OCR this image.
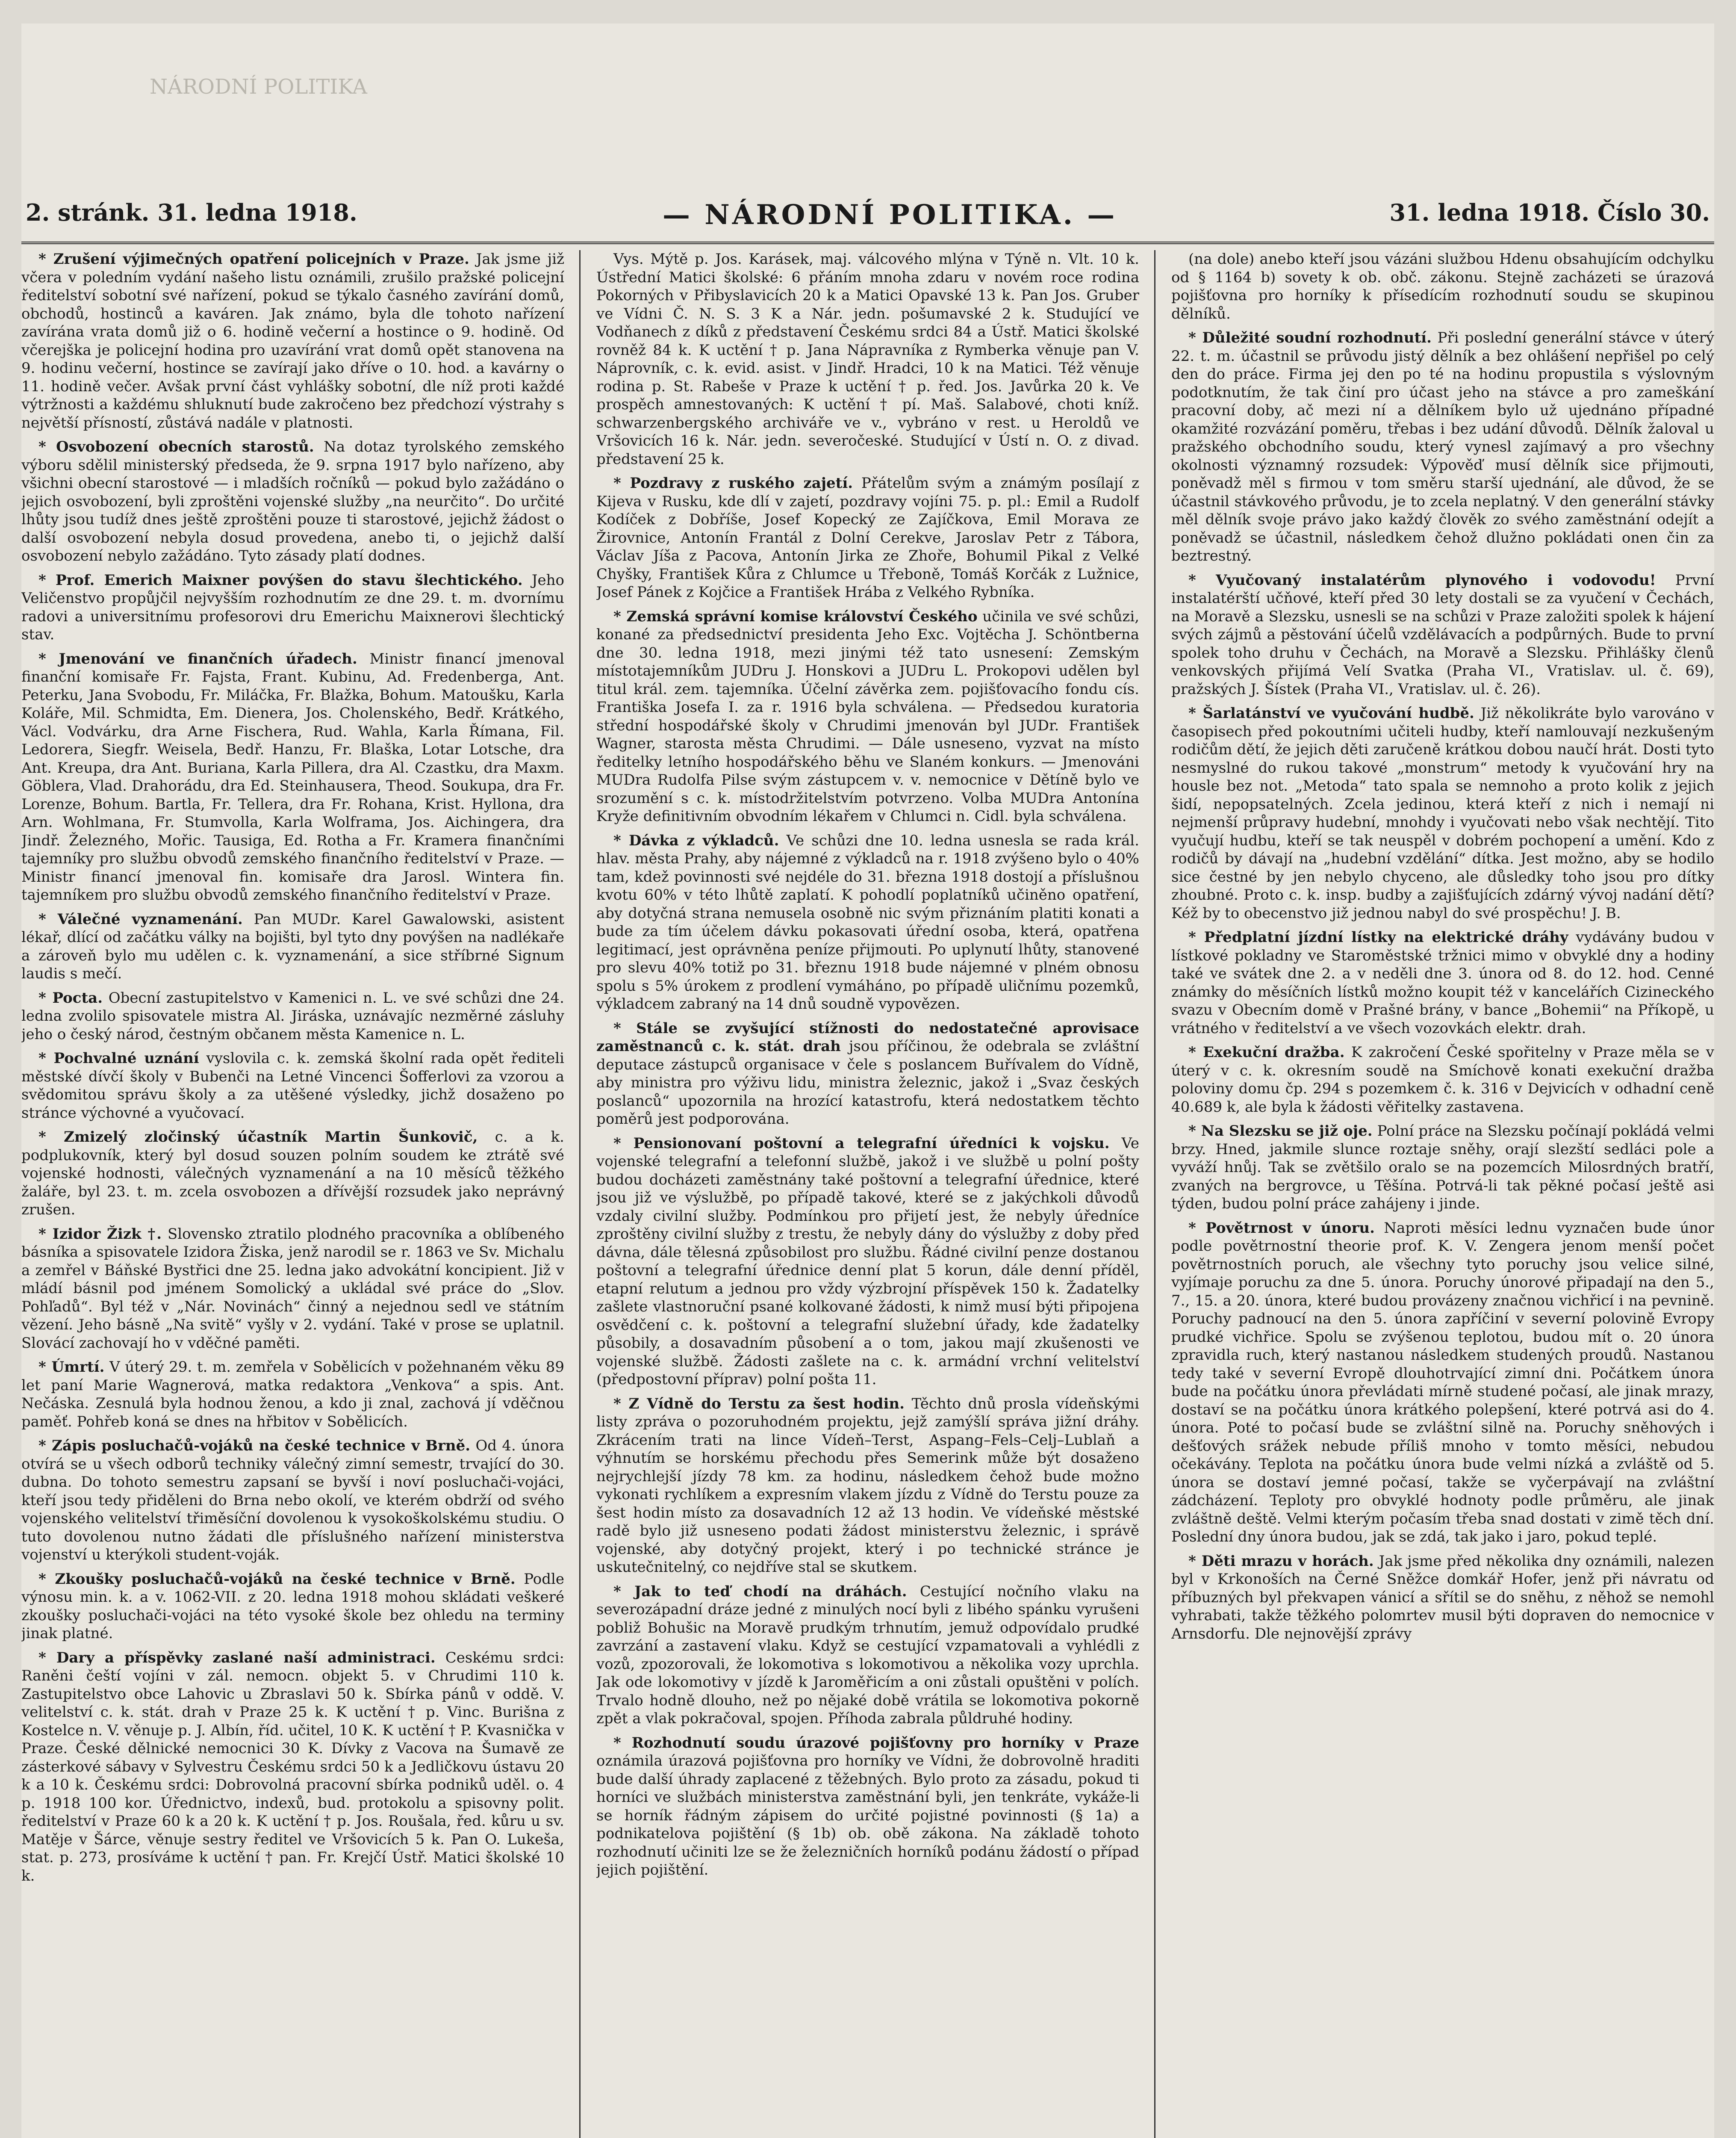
NÁRODNÍ POLITIKA
2. stránk. 31. ledna 1918.	— NÁRODNÍ POLITIKA. —	31. ledna 1918. Číslo 30.

* Zrušení výjimečných opatření policejních v Praze. Jak jsme již včera v poledním vydání našeho listu oznámili, zrušilo pražské policejní ředitelství sobotní své nařízení, pokud se týkalo časného zavírání domů, obchodů, hostinců a kaváren. Jak známo, byla dle tohoto nařízení zavírána vrata domů již o 6. hodině večerní a hostince o 9. hodině. Od včerejška je policejní hodina pro uzavírání vrat domů opět stanovena na 9. hodinu večerní, hostince se zavírají jako dříve o 10. hod. a kavárny o 11. hodině večer. Avšak první část vyhlášky sobotní, dle níž proti každé výtržnosti a každému shluknutí bude zakročeno bez předchozí výstrahy s největší přísností, zůstává nadále v platnosti.

* Osvobození obecních starostů. Na dotaz tyrolského zemského výboru sdělil ministerský předseda, že 9. srpna 1917 bylo nařízeno, aby všichni obecní starostové — i mladších ročníků — pokud bylo zažádáno o jejich osvobození, byli zproštěni vojenské služby „na neurčito“. Do určité lhůty jsou tudíž dnes ještě zproštěni pouze ti starostové, jejichž žádost o další osvobození nebyla dosud provedena, anebo ti, o jejichž další osvobození nebylo zažádáno. Tyto zásady platí dodnes.

* Prof. Emerich Maixner povýšen do stavu šlechtického. Jeho Veličenstvo propůjčil nejvyšším rozhodnutím ze dne 29. t. m. dvornímu radovi a universitnímu profesorovi dru Emerichu Maixnerovi šlechtický stav.

* Jmenování ve finančních úřadech. Ministr financí jmenoval finanční komisaře Fr. Fajsta, Frant. Kubinu, Ad. Fredenberga, Ant. Peterku, Jana Svobodu, Fr. Miláčka, Fr. Blažka, Bohum. Matoušku, Karla Koláře, Mil. Schmidta, Em. Dienera, Jos. Cholenského, Bedř. Krátkého, Václ. Vodvárku, dra Arne Fischera, Rud. Wahla, Karla Římana, Fil. Ledorera, Siegfr. Weisela, Bedř. Hanzu, Fr. Blaška, Lotar Lotsche, dra Ant. Kreupa, dra Ant. Buriana, Karla Pillera, dra Al. Czastku, dra Maxm. Göblera, Vlad. Drahorádu, dra Ed. Steinhausera, Theod. Soukupa, dra Fr. Lorenze, Bohum. Bartla, Fr. Tellera, dra Fr. Rohana, Krist. Hyllona, dra Arn. Wohlmana, Fr. Stumvolla, Karla Wolframa, Jos. Aichingera, dra Jindř. Železného, Mořic. Tausiga, Ed. Rotha a Fr. Kramera finančními tajemníky pro službu obvodů zemského finančního ředitelství v Praze. — Ministr financí jmenoval fin. komisaře dra Jarosl. Wintera fin. tajemníkem pro službu obvodů zemského finančního ředitelství v Praze.

* Válečné vyznamenání. Pan MUDr. Karel Gawalowski, asistent lékař, dlící od začátku války na bojišti, byl tyto dny povýšen na nadlékaře a zároveň bylo mu udělen c. k. vyznamenání, a sice stříbrné Signum laudis s mečí.

* Pocta. Obecní zastupitelstvo v Kamenici n. L. ve své schůzi dne 24. ledna zvolilo spisovatele mistra Al. Jiráska, uznávajíc nezměrné zásluhy jeho o český národ, čestným občanem města Kamenice n. L.

* Pochvalné uznání vyslovila c. k. zemská školní rada opět řediteli městské dívčí školy v Bubenči na Letné Vincenci Šofferlovi za vzorou a svědomitou správu školy a za utěšené výsledky, jichž dosaženo po stránce výchovné a vyučovací.

* Zmizelý zločinský účastník Martin Šunkovič, c. a k. podplukovník, který byl dosud souzen polním soudem ke ztrátě své vojenské hodnosti, válečných vyznamenání a na 10 měsíců těžkého žaláře, byl 23. t. m. zcela osvobozen a dřívější rozsudek jako neprávný zrušen.

* Izidor Žizk †. Slovensko ztratilo plodného pracovníka a oblíbeného básníka a spisovatele Izidora Žiska, jenž narodil se r. 1863 ve Sv. Michalu a zemřel v Báňské Bystřici dne 25. ledna jako advokátní koncipient. Již v mládí básnil pod jménem Somolický a ukládal své práce do „Slov. Pohľadů“. Byl též v „Nár. Novinách“ činný a nejednou sedl ve státním vězení. Jeho básně „Na svitě“ vyšly v 2. vydání. Také v prose se uplatnil. Slovácí zachovají ho v vděčné paměti.

* Úmrtí. V úterý 29. t. m. zemřela v Sobělicích v požehnaném věku 89 let paní Marie Wagnerová, matka redaktora „Venkova“ a spis. Ant. Nečáska. Zesnulá byla hodnou ženou, a kdo ji znal, zachová jí vděčnou paměť. Pohřeb koná se dnes na hřbitov v Sobělicích.

* Zápis posluchačů-vojáků na české technice v Brně. Od 4. února otvírá se u všech odborů techniky válečný zimní semestr, trvající do 30. dubna. Do tohoto semestru zapsaní se byvší i noví posluchači-vojáci, kteří jsou tedy přiděleni do Brna nebo okolí, ve kterém obdrží od svého vojenského velitelství třiměsíční dovolenou k vysokoškolskému studiu. O tuto dovolenou nutno žádati dle příslušného nařízení ministerstva vojenství u kterýkoli student-voják.

* Zkoušky posluchačů-vojáků na české technice v Brně. Podle výnosu min. k. a v. 1062-VII. z 20. ledna 1918 mohou skládati veškeré zkoušky posluchači-vojáci na této vysoké škole bez ohledu na terminy jinak platné.

* Dary a příspěvky zaslané naší administraci. Ceskému srdci: Raněni čeští vojíni v zál. nemocn. objekt 5. v Chrudimi 110 k. Zastupitelstvo obce Lahovic u Zbraslavi 50 k. Sbírka pánů v oddě. V. velitelství c. k. stát. drah v Praze 25 k. K uctění † p. Vinc. Burišna z Kostelce n. V. věnuje p. J. Albín, říd. učitel, 10 K. K uctění † P. Kvasnička v Praze. České dělnické nemocnici 30 K. Dívky z Vacova na Šumavě ze zásterkové sábavy v Sylvestru Českému srdci 50 k a Jedličkovu ústavu 20 k a 10 k. Českému srdci: Dobrovolná pracovní sbírka podniků uděl. o. 4 p. 1918 100 kor. Úřednictvo, indexů, bud. protokolu a spisovny polit. ředitelství v Praze 60 k a 20 k. K uctění † p. Jos. Roušala, řed. kůru u sv. Matěje v Šárce, věnuje sestry ředitel ve Vršovicích 5 k. Pan O. Lukeša, stat. p. 273, prosíváme k uctění † pan. Fr. Krejčí Ústř. Matici školské 10 k.

Vys. Mýtě p. Jos. Karásek, maj. válcového mlýna v Týně n. Vlt. 10 k. Ústřední Matici školské: 6 přáním mnoha zdaru v novém roce rodina Pokorných v Přibyslavicích 20 k a Matici Opavské 13 k. Pan Jos. Gruber ve Vídni Č. N. S. 3 K a Nár. jedn. pošumavské 2 k. Studující ve Vodňanech z díků z představení Českému srdci 84 a Ústř. Matici školské rovněž 84 k. K uctění † p. Jana Nápravníka z Rymberka věnuje pan V. Náprovník, c. k. evid. asist. v Jindř. Hradci, 10 k na Matici. Též věnuje rodina p. St. Rabeše v Praze k uctění † p. řed. Jos. Javůrka 20 k. Ve prospěch amnestovaných: K uctění † pí. Maš. Salabové, choti kníž. schwarzenbergského archiváře ve v., vybráno v rest. u Heroldů ve Vršovicích 16 k. Nár. jedn. severočeské. Studující v Ústí n. O. z divad. představení 25 k.

* Pozdravy z ruského zajetí. Přátelům svým a známým posílají z Kijeva v Rusku, kde dlí v zajetí, pozdravy vojíni 75. p. pl.: Emil a Rudolf Kodíček z Dobříše, Josef Kopecký ze Zajíčkova, Emil Morava ze Žirovnice, Antonín Frantál z Dolní Cerekve, Jaroslav Petr z Tábora, Václav Jíša z Pacova, Antonín Jirka ze Zhoře, Bohumil Pikal z Velké Chyšky, František Kůra z Chlumce u Třeboně, Tomáš Korčák z Lužnice, Josef Pánek z Kojčice a František Hrába z Velkého Rybníka.

* Zemská správní komise království Českého učinila ve své schůzi, konané za předsednictví presidenta Jeho Exc. Vojtěcha J. Schöntberna dne 30. ledna 1918, mezi jinými též tato usnesení: Zemským místotajemníkům JUDru J. Honskovi a JUDru L. Prokopovi udělen byl titul král. zem. tajemníka. Účelní závěrka zem. pojišťovacího fondu cís. Františka Josefa I. za r. 1916 byla schválena. — Předsedou kuratoria střední hospodářské školy v Chrudimi jmenován byl JUDr. František Wagner, starosta města Chrudimi. — Dále usneseno, vyzvat na místo ředitelky letního hospodářského běhu ve Slaném konkurs. — Jmenováni MUDra Rudolfa Pilse svým zástupcem v. v. nemocnice v Dětíně bylo ve srozumění s c. k. místodržitelstvím potvrzeno. Volba MUDra Antonína Kryže definitivním obvodním lékařem v Chlumci n. Cidl. byla schválena.

* Dávka z výkladců. Ve schůzi dne 10. ledna usnesla se rada král. hlav. města Prahy, aby nájemné z výkladců na r. 1918 zvýšeno bylo o 40% tam, kdež povinnosti své nejdéle do 31. března 1918 dostojí a příslušnou kvotu 60% v této lhůtě zaplatí. K pohodlí poplatníků učiněno opatření, aby dotyčná strana nemusela osobně nic svým přiznáním platiti konati a bude za tím účelem dávku pokasovati úřední osoba, která, opatřena legitimací, jest oprávněna peníze přijmouti. Po uplynutí lhůty, stanovené pro slevu 40% totiž po 31. březnu 1918 bude nájemné v plném obnosu spolu s 5% úrokem z prodlení vymáháno, po případě uličnímu pozemků, výkladcem zabraný na 14 dnů soudně vypovězen.

* Stále se zvyšující stížnosti do nedostatečné aprovisace zaměstnanců c. k. stát. drah jsou příčinou, že odebrala se zvláštní deputace zástupců organisace v čele s poslancem Buřívalem do Vídně, aby ministra pro výživu lidu, ministra železnic, jakož i „Svaz českých poslanců“ upozornila na hrozící katastrofu, která nedostatkem těchto poměrů jest podporována.

* Pensionovaní poštovní a telegrafní úředníci k vojsku. Ve vojenské telegrafní a telefonní službě, jakož i ve službě u polní pošty budou docházeti zaměstnány také poštovní a telegrafní úřednice, které jsou již ve výslužbě, po případě takové, které se z jakýchkoli důvodů vzdaly civilní služby. Podmínkou pro přijetí jest, že nebyly úředníce zproštěny civilní služby z trestu, že nebyly dány do výslužby z doby před dávna, dále tělesná způsobilost pro službu. Řádné civilní penze dostanou poštovní a telegrafní úřednice denní plat 5 korun, dále denní příděl, etapní relutum a jednou pro vždy výzbrojní příspěvek 150 k. Žadatelky zašlete vlastnoruční psané kolkované žádosti, k nimž musí býti připojena osvědčení c. k. poštovní a telegrafní služební úřady, kde žadatelky působily, a dosavadním působení a o tom, jakou mají zkušenosti ve vojenské službě. Žádosti zašlete na c. k. armádní vrchní velitelství (předpostovní příprav) polní pošta 11.

* Z Vídně do Terstu za šest hodin. Těchto dnů prosla vídeňskými listy zpráva o pozoruhodném projektu, jejž zamýšlí správa jižní dráhy. Zkrácením trati na lince Vídeň–Terst, Aspang–Fels–Celj–Lublaň a výhnutím se horskému přechodu přes Semerink může být dosaženo nejrychlejší jízdy 78 km. za hodinu, následkem čehož bude možno vykonati rychlíkem a expresním vlakem jízdu z Vídně do Terstu pouze za šest hodin místo za dosavadních 12 až 13 hodin. Ve vídeňské městské radě bylo již usneseno podati žádost ministerstvu železnic, i správě vojenské, aby dotyčný projekt, který i po technické stránce je uskutečnitelný, co nejdříve stal se skutkem.

* Jak to teď chodí na dráhách. Cestující nočního vlaku na severozápadní dráze jedné z minulých nocí byli z libého spánku vyrušeni pobliž Bohušic na Moravě prudkým trhnutím, jemuž odpovídalo prudké zavrzání a zastavení vlaku. Když se cestující vzpamatovali a vyhlédli z vozů, zpozorovali, že lokomotiva s lokomotivou a několika vozy uprchla. Jak ode lokomotivy v jízdě k Jaroměřicím a oni zůstali opuštěni v polích. Trvalo hodně dlouho, než po nějaké době vrátila se lokomotiva pokorně zpět a vlak pokračoval, spojen. Příhoda zabrala půldruhé hodiny.

* Rozhodnutí soudu úrazové pojišťovny pro horníky v Praze oznámila úrazová pojišťovna pro horníky ve Vídni, že dobrovolně hraditi bude další úhrady zaplacené z těžebných. Bylo proto za zásadu, pokud ti horníci ve službách ministerstva zaměstnání byli, jen tenkráte, vykáže-li se horník řádným zápisem do určité pojistné povinnosti (§ 1a) a podnikatelova pojištění (§ 1b) ob. obě zákona. Na základě tohoto rozhodnutí učiniti lze se že železničních horníků podánu žádostí o případ jejich pojištění.

(na dole) anebo kteří jsou vázáni službou Hdenu obsahujícím odchylku od § 1164 b) sovety k ob. obč. zákonu. Stejně zacházeti se úrazová pojišťovna pro horníky k přísedícím rozhodnutí soudu se skupinou dělníků.

* Důležité soudní rozhodnutí. Při poslední generální stávce v úterý 22. t. m. účastnil se průvodu jistý dělník a bez ohlášení nepřišel po celý den do práce. Firma jej den po té na hodinu propustila s výslovným podotknutím, že tak činí pro účast jeho na stávce a pro zameškání pracovní doby, ač mezi ní a dělníkem bylo už ujednáno případné okamžité rozvázání poměru, třebas i bez udání důvodů. Dělník žaloval u pražského obchodního soudu, který vynesl zajímavý a pro všechny okolnosti významný rozsudek: Výpověď musí dělník sice přijmouti, poněvadž měl s firmou v tom směru starší ujednání, ale důvod, že se účastnil stávkového průvodu, je to zcela neplatný. V den generální stávky měl dělník svoje právo jako každý člověk zo svého zaměstnání odejít a poněvadž se účastnil, následkem čehož dlužno pokládati onen čin za beztrestný.

* Vyučovaný instalatérům plynového i vodovodu! První instalatérští učňové, kteří před 30 lety dostali se za vyučení v Čechách, na Moravě a Slezsku, usnesli se na schůzi v Praze založiti spolek k hájení svých zájmů a pěstování účelů vzdělávacích a podpůrných. Bude to první spolek toho druhu v Čechách, na Moravě a Slezsku. Přihlášky členů venkovských přijímá Velí Svatka (Praha VI., Vratislav. ul. č. 69), pražských J. Šístek (Praha VI., Vratislav. ul. č. 26).

* Šarlatánství ve vyučování hudbě. Již několikráte bylo varováno v časopisech před pokoutními učiteli hudby, kteří namlouvají nezkušeným rodičům dětí, že jejich děti zaručeně krátkou dobou naučí hrát. Dosti tyto nesmyslné do rukou takové „monstrum“ metody k vyučování hry na housle bez not. „Metoda“ tato spala se nemnoho a proto kolik z jejich šidí, nepopsatelných. Zcela jedinou, která kteří z nich i nemají ni nejmenší průpravy hudební, mnohdy i vyučovati nebo však nechtějí. Tito vyučují hudbu, kteří se tak neuspěl v dobrém pochopení a umění. Kdo z rodičů by dávají na „hudební vzdělání“ dítka. Jest možno, aby se hodilo sice čestné by jen nebylo chyceno, ale důsledky toho jsou pro dítky zhoubné. Proto c. k. insp. budby a zajišťujících zdárný vývoj nadání dětí? Kéž by to obecenstvo již jednou nabyl do své prospěchu! J. B.

* Předplatní jízdní lístky na elektrické dráhy vydávány budou v lístkové pokladny ve Staroměstské tržnici mimo v obvyklé dny a hodiny také ve svátek dne 2. a v neděli dne 3. února od 8. do 12. hod. Cenné známky do měsíčních lístků možno koupit též v kancelářích Cizineckého svazu v Obecním domě v Prašné brány, v bance „Bohemii“ na Příkopě, u vrátného v ředitelství a ve všech vozovkách elektr. drah.

* Exekuční dražba. K zakročení České spořitelny v Praze měla se v úterý v c. k. okresním soudě na Smíchově konati exekuční dražba poloviny domu čp. 294 s pozemkem č. k. 316 v Dejvicích v odhadní ceně 40.689 k, ale byla k žádosti věřitelky zastavena.

* Na Slezsku se již oje. Polní práce na Slezsku počínají pokládá velmi brzy. Hned, jakmile slunce roztaje sněhy, orají slezští sedláci pole a vyváží hnůj. Tak se zvětšilo oralo se na pozemcích Milosrdných bratří, zvaných na bergrovce, u Těšína. Potrvá-li tak pěkné počasí ještě asi týden, budou polní práce zahájeny i jinde.

* Povětrnost v únoru. Naproti měsíci lednu vyznačen bude únor podle povětrnostní theorie prof. K. V. Zengera jenom menší počet povětrnostních poruch, ale všechny tyto poruchy jsou velice silné, vyjímaje poruchu za dne 5. února. Poruchy únorové připadají na den 5., 7., 15. a 20. února, které budou provázeny značnou vichřicí i na pevnině. Poruchy padnoucí na den 5. února zapříčiní v severní polovině Evropy prudké vichřice. Spolu se zvýšenou teplotou, budou mít o. 20 února zpravidla ruch, který nastanou následkem studených proudů. Nastanou tedy také v severní Evropě dlouhotrvající zimní dni. Počátkem února bude na počátku února převládati mírně studené počasí, ale jinak mrazy, dostaví se na počátku února krátkého polepšení, které potrvá asi do 4. února. Poté to počasí bude se zvláštní silně na. Poruchy sněhových i dešťových srážek nebude příliš mnoho v tomto měsíci, nebudou očekávány. Teplota na počátku února bude velmi nízká a zvláště od 5. února se dostaví jemné počasí, takže se vyčerpávají na zvláštní zádcházení. Teploty pro obvyklé hodnoty podle průměru, ale jinak zvláštně deště. Velmi kterým počasím třeba snad dostati v zimě těch dní. Poslední dny února budou, jak se zdá, tak jako i jaro, pokud teplé.

* Děti mrazu v horách. Jak jsme před několika dny oznámili, nalezen byl v Krkonoších na Černé Sněžce domkář Hofer, jenž při návratu od příbuzných byl překvapen vánicí a sřítil se do sněhu, z něhož se nemohl vyhrabati, takže těžkého polomrtev musil býti dopraven do nemocnice v Arnsdorfu. Dle nejnovější zprávy
